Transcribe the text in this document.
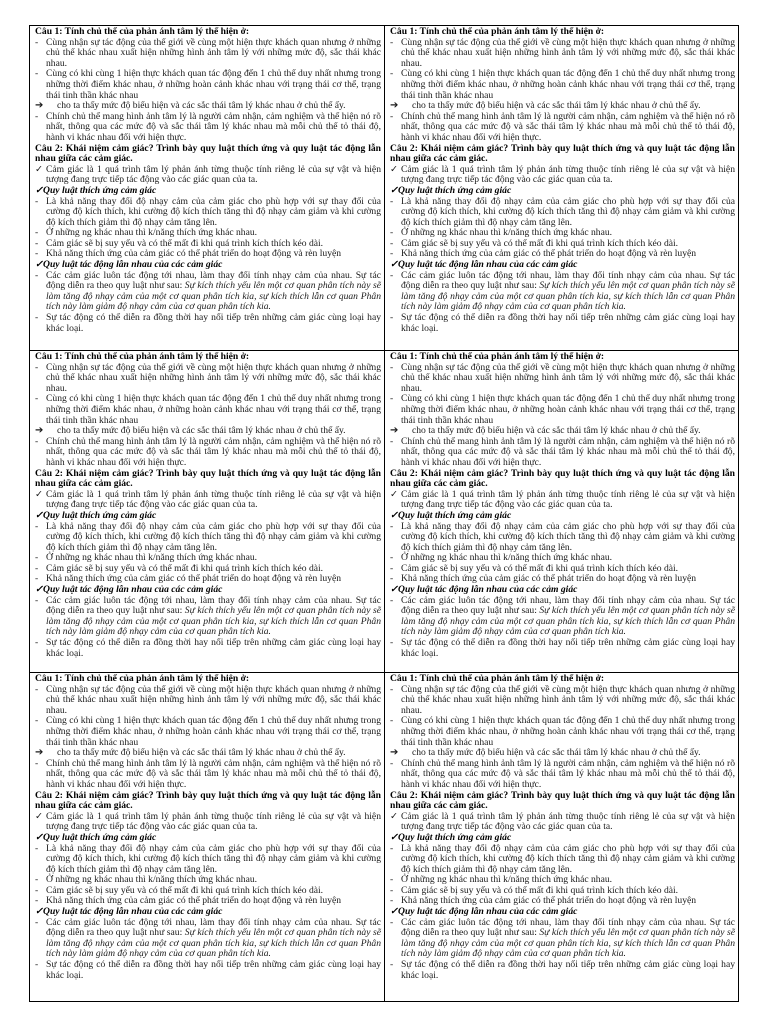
Câu 1: Tính chủ thể của phản ánh tâm lý thể hiện ở:
- Cùng nhận sự tác động của thế giới về cùng một hiện thực khách quan nhưng ở những chủ thể khác nhau xuất hiện những hình ảnh tâm lý với những mức độ, sắc thái khác nhau.
- Cùng có khi cùng 1 hiện thực khách quan tác động đến 1 chủ thể duy nhất nhưng trong những thời điểm khác nhau, ở những hoàn cảnh khác nhau với trạng thái cơ thể, trạng thái tinh thần khác nhau
➔ cho ta thấy mức độ biểu hiện và các sắc thái tâm lý khác nhau ở chủ thể ấy.
- Chính chủ thể mang hình ảnh tâm lý là người cảm nhận, cảm nghiệm và thể hiện nó rõ nhất, thông qua các mức độ và sắc thái tâm lý khác nhau mà mỗi chủ thể tỏ thái độ, hành vi khác nhau đối với hiện thực.
Câu 2: Khái niệm cảm giác? Trình bày quy luật thích ứng và quy luật tác động lẫn nhau giữa các cảm giác.
✓ Cảm giác là 1 quá trình tâm lý phản ánh từng thuộc tính riêng lẻ của sự vật và hiện tượng đang trực tiếp tác động vào các giác quan của ta.
✓Quy luật thích ứng cảm giác
- Là khả năng thay đổi độ nhạy cảm của cảm giác cho phù hợp với sự thay đổi của cường độ kích thích, khi cường độ kích thích tăng thì độ nhạy cảm giảm và khi cường độ kích thích giảm thì độ nhạy cảm tăng lên.
- Ở những ng khác nhau thì k/năng thích ứng khác nhau.
- Cảm giác sẽ bị suy yếu và có thể mất đi khi quá trình kích thích kéo dài.
- Khả năng thích ứng của cảm giác có thể phát triển do hoạt động và rèn luyện
✓Quy luật tác động lẫn nhau của các cảm giác
- Các cảm giác luôn tác động tới nhau, làm thay đổi tính nhạy cảm của nhau. Sự tác động diễn ra theo quy luật như sau: Sự kích thích yếu lên một cơ quan phân tích này sẽ làm tăng độ nhạy cảm của một cơ quan phân tích kia, sự kích thích lẫn cơ quan Phân tích này làm giảm độ nhạy cảm của cơ quan phân tích kia.
- Sự tác động có thể diễn ra đồng thời hay nối tiếp trên những cảm giác cùng loại hay khác loại.
Câu 1: Tính chủ thể của phản ánh tâm lý thể hiện ở:
- Cùng nhận sự tác động của thế giới về cùng một hiện thực khách quan nhưng ở những chủ thể khác nhau xuất hiện những hình ảnh tâm lý với những mức độ, sắc thái khác nhau.
- Cùng có khi cùng 1 hiện thực khách quan tác động đến 1 chủ thể duy nhất nhưng trong những thời điểm khác nhau, ở những hoàn cảnh khác nhau với trạng thái cơ thể, trạng thái tinh thần khác nhau
➔ cho ta thấy mức độ biểu hiện và các sắc thái tâm lý khác nhau ở chủ thể ấy.
- Chính chủ thể mang hình ảnh tâm lý là người cảm nhận, cảm nghiệm và thể hiện nó rõ nhất, thông qua các mức độ và sắc thái tâm lý khác nhau mà mỗi chủ thể tỏ thái độ, hành vi khác nhau đối với hiện thực.
Câu 2: Khái niệm cảm giác? Trình bày quy luật thích ứng và quy luật tác động lẫn nhau giữa các cảm giác.
✓ Cảm giác là 1 quá trình tâm lý phản ánh từng thuộc tính riêng lẻ của sự vật và hiện tượng đang trực tiếp tác động vào các giác quan của ta.
✓Quy luật thích ứng cảm giác
- Là khả năng thay đổi độ nhạy cảm của cảm giác cho phù hợp với sự thay đổi của cường độ kích thích, khi cường độ kích thích tăng thì độ nhạy cảm giảm và khi cường độ kích thích giảm thì độ nhạy cảm tăng lên.
- Ở những ng khác nhau thì k/năng thích ứng khác nhau.
- Cảm giác sẽ bị suy yếu và có thể mất đi khi quá trình kích thích kéo dài.
- Khả năng thích ứng của cảm giác có thể phát triển do hoạt động và rèn luyện
✓Quy luật tác động lẫn nhau của các cảm giác
- Các cảm giác luôn tác động tới nhau, làm thay đổi tính nhạy cảm của nhau. Sự tác động diễn ra theo quy luật như sau: Sự kích thích yếu lên một cơ quan phân tích này sẽ làm tăng độ nhạy cảm của một cơ quan phân tích kia, sự kích thích lẫn cơ quan Phân tích này làm giảm độ nhạy cảm của cơ quan phân tích kia.
- Sự tác động có thể diễn ra đồng thời hay nối tiếp trên những cảm giác cùng loại hay khác loại.
Câu 1: Tính chủ thể của phản ánh tâm lý thể hiện ở:
- Cùng nhận sự tác động của thế giới về cùng một hiện thực khách quan nhưng ở những chủ thể khác nhau xuất hiện những hình ảnh tâm lý với những mức độ, sắc thái khác nhau.
- Cùng có khi cùng 1 hiện thực khách quan tác động đến 1 chủ thể duy nhất nhưng trong những thời điểm khác nhau, ở những hoàn cảnh khác nhau với trạng thái cơ thể, trạng thái tinh thần khác nhau
➔ cho ta thấy mức độ biểu hiện và các sắc thái tâm lý khác nhau ở chủ thể ấy.
- Chính chủ thể mang hình ảnh tâm lý là người cảm nhận, cảm nghiệm và thể hiện nó rõ nhất, thông qua các mức độ và sắc thái tâm lý khác nhau mà mỗi chủ thể tỏ thái độ, hành vi khác nhau đối với hiện thực.
Câu 2: Khái niệm cảm giác? Trình bày quy luật thích ứng và quy luật tác động lẫn nhau giữa các cảm giác.
✓ Cảm giác là 1 quá trình tâm lý phản ánh từng thuộc tính riêng lẻ của sự vật và hiện tượng đang trực tiếp tác động vào các giác quan của ta.
✓Quy luật thích ứng cảm giác
- Là khả năng thay đổi độ nhạy cảm của cảm giác cho phù hợp với sự thay đổi của cường độ kích thích, khi cường độ kích thích tăng thì độ nhạy cảm giảm và khi cường độ kích thích giảm thì độ nhạy cảm tăng lên.
- Ở những ng khác nhau thì k/năng thích ứng khác nhau.
- Cảm giác sẽ bị suy yếu và có thể mất đi khi quá trình kích thích kéo dài.
- Khả năng thích ứng của cảm giác có thể phát triển do hoạt động và rèn luyện
✓Quy luật tác động lẫn nhau của các cảm giác
- Các cảm giác luôn tác động tới nhau, làm thay đổi tính nhạy cảm của nhau. Sự tác động diễn ra theo quy luật như sau: Sự kích thích yếu lên một cơ quan phân tích này sẽ làm tăng độ nhạy cảm của một cơ quan phân tích kia, sự kích thích lẫn cơ quan Phân tích này làm giảm độ nhạy cảm của cơ quan phân tích kia.
- Sự tác động có thể diễn ra đồng thời hay nối tiếp trên những cảm giác cùng loại hay khác loại.
Câu 1: Tính chủ thể của phản ánh tâm lý thể hiện ở:
- Cùng nhận sự tác động của thế giới về cùng một hiện thực khách quan nhưng ở những chủ thể khác nhau xuất hiện những hình ảnh tâm lý với những mức độ, sắc thái khác nhau.
- Cùng có khi cùng 1 hiện thực khách quan tác động đến 1 chủ thể duy nhất nhưng trong những thời điểm khác nhau, ở những hoàn cảnh khác nhau với trạng thái cơ thể, trạng thái tinh thần khác nhau
➔ cho ta thấy mức độ biểu hiện và các sắc thái tâm lý khác nhau ở chủ thể ấy.
- Chính chủ thể mang hình ảnh tâm lý là người cảm nhận, cảm nghiệm và thể hiện nó rõ nhất, thông qua các mức độ và sắc thái tâm lý khác nhau mà mỗi chủ thể tỏ thái độ, hành vi khác nhau đối với hiện thực.
Câu 2: Khái niệm cảm giác? Trình bày quy luật thích ứng và quy luật tác động lẫn nhau giữa các cảm giác.
✓ Cảm giác là 1 quá trình tâm lý phản ánh từng thuộc tính riêng lẻ của sự vật và hiện tượng đang trực tiếp tác động vào các giác quan của ta.
✓Quy luật thích ứng cảm giác
- Là khả năng thay đổi độ nhạy cảm của cảm giác cho phù hợp với sự thay đổi của cường độ kích thích, khi cường độ kích thích tăng thì độ nhạy cảm giảm và khi cường độ kích thích giảm thì độ nhạy cảm tăng lên.
- Ở những ng khác nhau thì k/năng thích ứng khác nhau.
- Cảm giác sẽ bị suy yếu và có thể mất đi khi quá trình kích thích kéo dài.
- Khả năng thích ứng của cảm giác có thể phát triển do hoạt động và rèn luyện
✓Quy luật tác động lẫn nhau của các cảm giác
- Các cảm giác luôn tác động tới nhau, làm thay đổi tính nhạy cảm của nhau. Sự tác động diễn ra theo quy luật như sau: Sự kích thích yếu lên một cơ quan phân tích này sẽ làm tăng độ nhạy cảm của một cơ quan phân tích kia, sự kích thích lẫn cơ quan Phân tích này làm giảm độ nhạy cảm của cơ quan phân tích kia.
- Sự tác động có thể diễn ra đồng thời hay nối tiếp trên những cảm giác cùng loại hay khác loại.
Câu 1: Tính chủ thể của phản ánh tâm lý thể hiện ở:
- Cùng nhận sự tác động của thế giới về cùng một hiện thực khách quan nhưng ở những chủ thể khác nhau xuất hiện những hình ảnh tâm lý với những mức độ, sắc thái khác nhau.
- Cùng có khi cùng 1 hiện thực khách quan tác động đến 1 chủ thể duy nhất nhưng trong những thời điểm khác nhau, ở những hoàn cảnh khác nhau với trạng thái cơ thể, trạng thái tinh thần khác nhau
➔ cho ta thấy mức độ biểu hiện và các sắc thái tâm lý khác nhau ở chủ thể ấy.
- Chính chủ thể mang hình ảnh tâm lý là người cảm nhận, cảm nghiệm và thể hiện nó rõ nhất, thông qua các mức độ và sắc thái tâm lý khác nhau mà mỗi chủ thể tỏ thái độ, hành vi khác nhau đối với hiện thực.
Câu 2: Khái niệm cảm giác? Trình bày quy luật thích ứng và quy luật tác động lẫn nhau giữa các cảm giác.
✓ Cảm giác là 1 quá trình tâm lý phản ánh từng thuộc tính riêng lẻ của sự vật và hiện tượng đang trực tiếp tác động vào các giác quan của ta.
✓Quy luật thích ứng cảm giác
- Là khả năng thay đổi độ nhạy cảm của cảm giác cho phù hợp với sự thay đổi của cường độ kích thích, khi cường độ kích thích tăng thì độ nhạy cảm giảm và khi cường độ kích thích giảm thì độ nhạy cảm tăng lên.
- Ở những ng khác nhau thì k/năng thích ứng khác nhau.
- Cảm giác sẽ bị suy yếu và có thể mất đi khi quá trình kích thích kéo dài.
- Khả năng thích ứng của cảm giác có thể phát triển do hoạt động và rèn luyện
✓Quy luật tác động lẫn nhau của các cảm giác
- Các cảm giác luôn tác động tới nhau, làm thay đổi tính nhạy cảm của nhau. Sự tác động diễn ra theo quy luật như sau: Sự kích thích yếu lên một cơ quan phân tích này sẽ làm tăng độ nhạy cảm của một cơ quan phân tích kia, sự kích thích lẫn cơ quan Phân tích này làm giảm độ nhạy cảm của cơ quan phân tích kia.
- Sự tác động có thể diễn ra đồng thời hay nối tiếp trên những cảm giác cùng loại hay khác loại.
Câu 1: Tính chủ thể của phản ánh tâm lý thể hiện ở:
- Cùng nhận sự tác động của thế giới về cùng một hiện thực khách quan nhưng ở những chủ thể khác nhau xuất hiện những hình ảnh tâm lý với những mức độ, sắc thái khác nhau.
- Cùng có khi cùng 1 hiện thực khách quan tác động đến 1 chủ thể duy nhất nhưng trong những thời điểm khác nhau, ở những hoàn cảnh khác nhau với trạng thái cơ thể, trạng thái tinh thần khác nhau
➔ cho ta thấy mức độ biểu hiện và các sắc thái tâm lý khác nhau ở chủ thể ấy.
- Chính chủ thể mang hình ảnh tâm lý là người cảm nhận, cảm nghiệm và thể hiện nó rõ nhất, thông qua các mức độ và sắc thái tâm lý khác nhau mà mỗi chủ thể tỏ thái độ, hành vi khác nhau đối với hiện thực.
Câu 2: Khái niệm cảm giác? Trình bày quy luật thích ứng và quy luật tác động lẫn nhau giữa các cảm giác.
✓ Cảm giác là 1 quá trình tâm lý phản ánh từng thuộc tính riêng lẻ của sự vật và hiện tượng đang trực tiếp tác động vào các giác quan của ta.
✓Quy luật thích ứng cảm giác
- Là khả năng thay đổi độ nhạy cảm của cảm giác cho phù hợp với sự thay đổi của cường độ kích thích, khi cường độ kích thích tăng thì độ nhạy cảm giảm và khi cường độ kích thích giảm thì độ nhạy cảm tăng lên.
- Ở những ng khác nhau thì k/năng thích ứng khác nhau.
- Cảm giác sẽ bị suy yếu và có thể mất đi khi quá trình kích thích kéo dài.
- Khả năng thích ứng của cảm giác có thể phát triển do hoạt động và rèn luyện
✓Quy luật tác động lẫn nhau của các cảm giác
- Các cảm giác luôn tác động tới nhau, làm thay đổi tính nhạy cảm của nhau. Sự tác động diễn ra theo quy luật như sau: Sự kích thích yếu lên một cơ quan phân tích này sẽ làm tăng độ nhạy cảm của một cơ quan phân tích kia, sự kích thích lẫn cơ quan Phân tích này làm giảm độ nhạy cảm của cơ quan phân tích kia.
- Sự tác động có thể diễn ra đồng thời hay nối tiếp trên những cảm giác cùng loại hay khác loại.
